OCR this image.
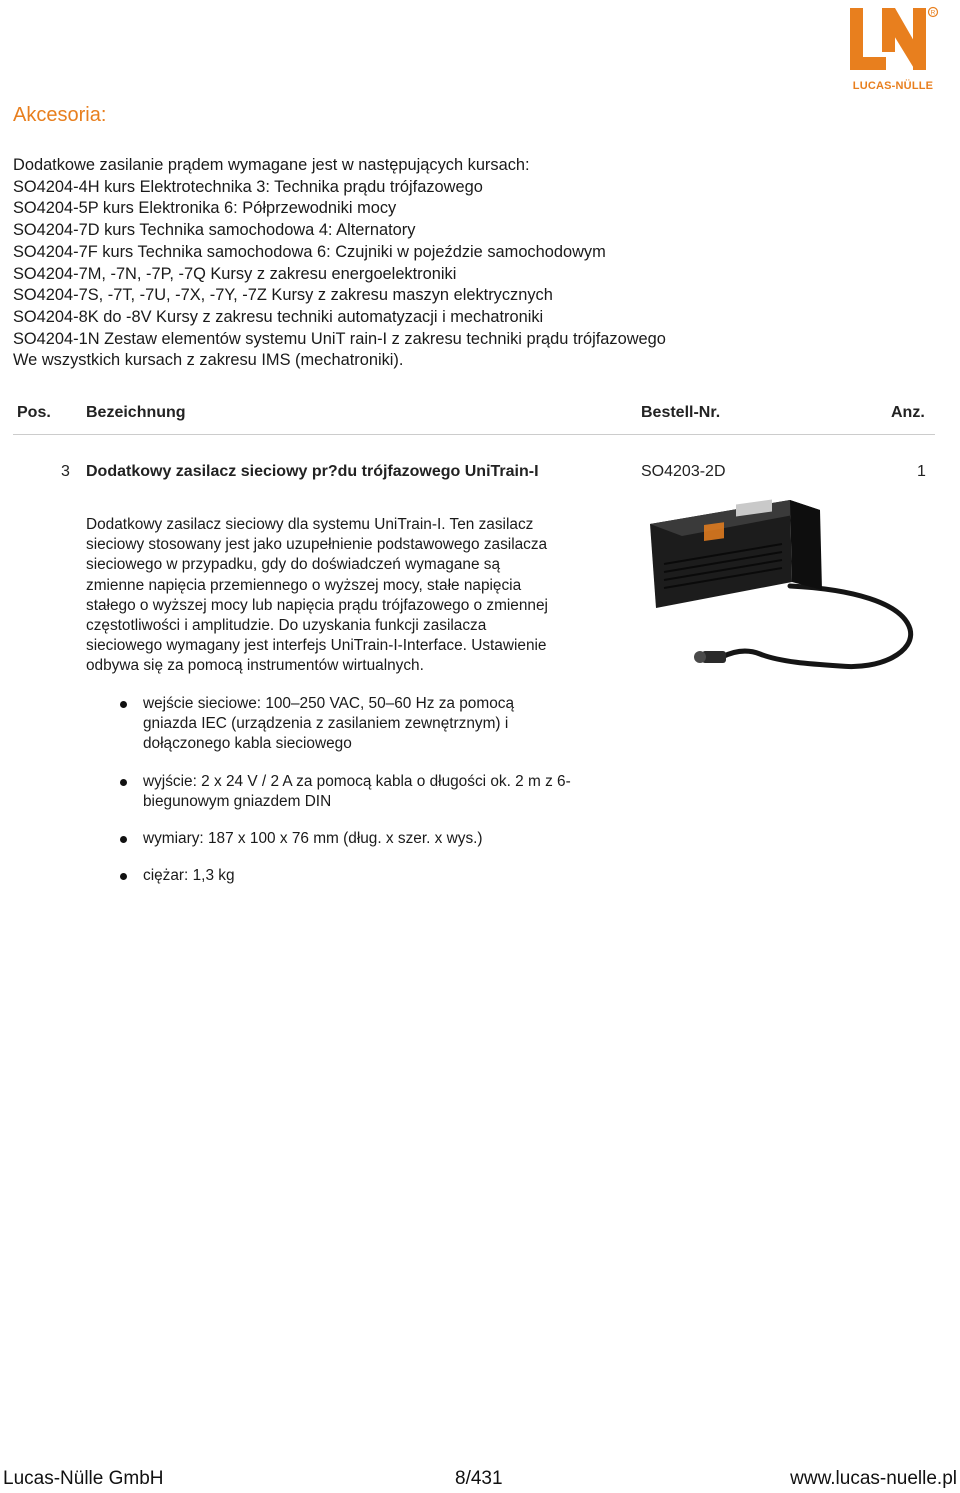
R
LUCAS-NÜLLE
Akcesoria:
Dodatkowe zasilanie prądem wymagane jest w następujących kursach:
SO4204-4H kurs Elektrotechnika 3: Technika prądu trójfazowego
SO4204-5P kurs Elektronika 6: Półprzewodniki mocy
SO4204-7D kurs Technika samochodowa 4: Alternatory
SO4204-7F kurs Technika samochodowa 6: Czujniki w pojeździe samochodowym
SO4204-7M, -7N, -7P, -7Q Kursy z zakresu energoelektroniki
SO4204-7S, -7T, -7U, -7X, -7Y, -7Z Kursy z zakresu maszyn elektrycznych
SO4204-8K do -8V Kursy z zakresu techniki automatyzacji i mechatroniki
SO4204-1N Zestaw elementów systemu UniT rain-I z zakresu techniki prądu trójfazowego
We wszystkich kursach z zakresu IMS (mechatroniki).
Pos. Bezeichnung	Bestell-Nr.	Anz.
3 Dodatkowy zasilacz sieciowy pr?du trójfazowego UniTrain-I	SO4203-2D	1
Dodatkowy zasilacz sieciowy dla systemu UniTrain-I. Ten zasilacz
sieciowy stosowany jest jako uzupełnienie podstawowego zasilacza
sieciowego w przypadku, gdy do doświadczeń wymagane są
zmienne napięcia przemiennego o wyższej mocy, stałe napięcia
stałego o wyższej mocy lub napięcia prądu trójfazowego o zmiennej
częstotliwości i amplitudzie. Do uzyskania funkcji zasilacza
sieciowego wymagany jest interfejs UniTrain-I-Interface. Ustawienie
odbywa się za pomocą instrumentów wirtualnych.
wejście sieciowe: 100–250 VAC, 50–60 Hz za pomocą
gniazda IEC (urządzenia z zasilaniem zewnętrznym) i
dołączonego kabla sieciowego
wyjście: 2 x 24 V / 2 A za pomocą kabla o długości ok. 2 m z 6-
biegunowym gniazdem DIN
wymiary: 187 x 100 x 76 mm (dług. x szer. x wys.)
ciężar: 1,3 kg
Lucas-Nülle GmbH	8/431	www.lucas-nuelle.pl
